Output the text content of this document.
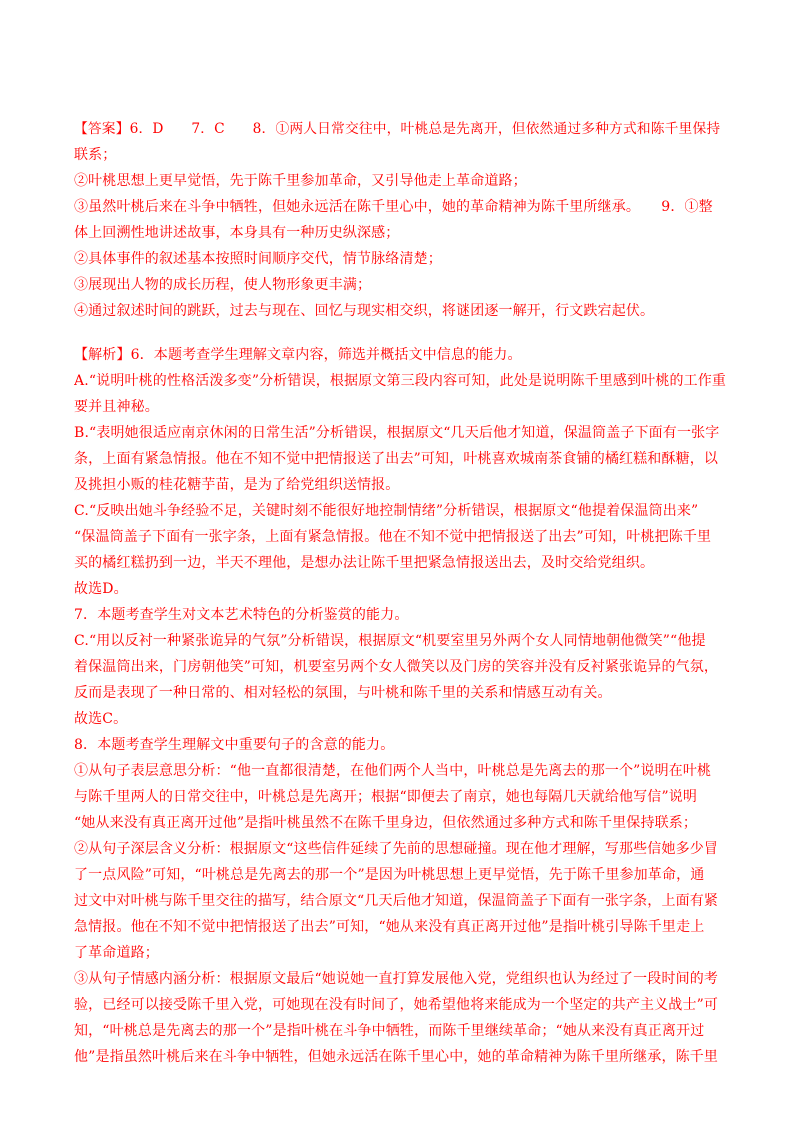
【答案】6．D　　7．C　　8．①两人日常交往中，叶桃总是先离开，但依然通过多种方式和陈千里保持
联系；
②叶桃思想上更早觉悟，先于陈千里参加革命，又引导他走上革命道路；
③虽然叶桃后来在斗争中牺牲，但她永远活在陈千里心中，她的革命精神为陈千里所继承。　　9．①整
体上回溯性地讲述故事，本身具有一种历史纵深感；
②具体事件的叙述基本按照时间顺序交代，情节脉络清楚；
③展现出人物的成长历程，使人物形象更丰满；
④通过叙述时间的跳跃，过去与现在、回忆与现实相交织，将谜团逐一解开，行文跌宕起伏。
【解析】6．本题考查学生理解文章内容，筛选并概括文中信息的能力。
A.“说明叶桃的性格活泼多变”分析错误，根据原文第三段内容可知，此处是说明陈千里感到叶桃的工作重
要并且神秘。
B.“表明她很适应南京休闲的日常生活”分析错误，根据原文“几天后他才知道，保温筒盖子下面有一张字
条，上面有紧急情报。他在不知不觉中把情报送了出去”可知，叶桃喜欢城南茶食铺的橘红糕和酥糖，以
及挑担小贩的桂花糖芋苗，是为了给党组织送情报。
C.“反映出她斗争经验不足，关键时刻不能很好地控制情绪”分析错误，根据原文“他提着保温筒出来”
“保温筒盖子下面有一张字条，上面有紧急情报。他在不知不觉中把情报送了出去”可知，叶桃把陈千里
买的橘红糕扔到一边，半天不理他，是想办法让陈千里把紧急情报送出去，及时交给党组织。
故选D。
7．本题考查学生对文本艺术特色的分析鉴赏的能力。
C.“用以反衬一种紧张诡异的气氛”分析错误，根据原文“机要室里另外两个女人同情地朝他微笑”“他提
着保温筒出来，门房朝他笑”可知，机要室另两个女人微笑以及门房的笑容并没有反衬紧张诡异的气氛，
反而是表现了一种日常的、相对轻松的氛围，与叶桃和陈千里的关系和情感互动有关。
故选C。
8．本题考查学生理解文中重要句子的含意的能力。
①从句子表层意思分析：“他一直都很清楚，在他们两个人当中，叶桃总是先离去的那一个”说明在叶桃
与陈千里两人的日常交往中，叶桃总是先离开；根据“即便去了南京，她也每隔几天就给他写信”说明
“她从来没有真正离开过他”是指叶桃虽然不在陈千里身边，但依然通过多种方式和陈千里保持联系；
②从句子深层含义分析：根据原文“这些信件延续了先前的思想碰撞。现在他才理解，写那些信她多少冒
了一点风险”可知，“叶桃总是先离去的那一个”是因为叶桃思想上更早觉悟，先于陈千里参加革命，通
过文中对叶桃与陈千里交往的描写，结合原文“几天后他才知道，保温筒盖子下面有一张字条，上面有紧
急情报。他在不知不觉中把情报送了出去”可知，“她从来没有真正离开过他”是指叶桃引导陈千里走上
了革命道路；
③从句子情感内涵分析：根据原文最后“她说她一直打算发展他入党，党组织也认为经过了一段时间的考
验，已经可以接受陈千里入党，可她现在没有时间了，她希望他将来能成为一个坚定的共产主义战士”可
知，“叶桃总是先离去的那一个”是指叶桃在斗争中牺牲，而陈千里继续革命；“她从来没有真正离开过
他”是指虽然叶桃后来在斗争中牺牲，但她永远活在陈千里心中，她的革命精神为陈千里所继承，陈千里
